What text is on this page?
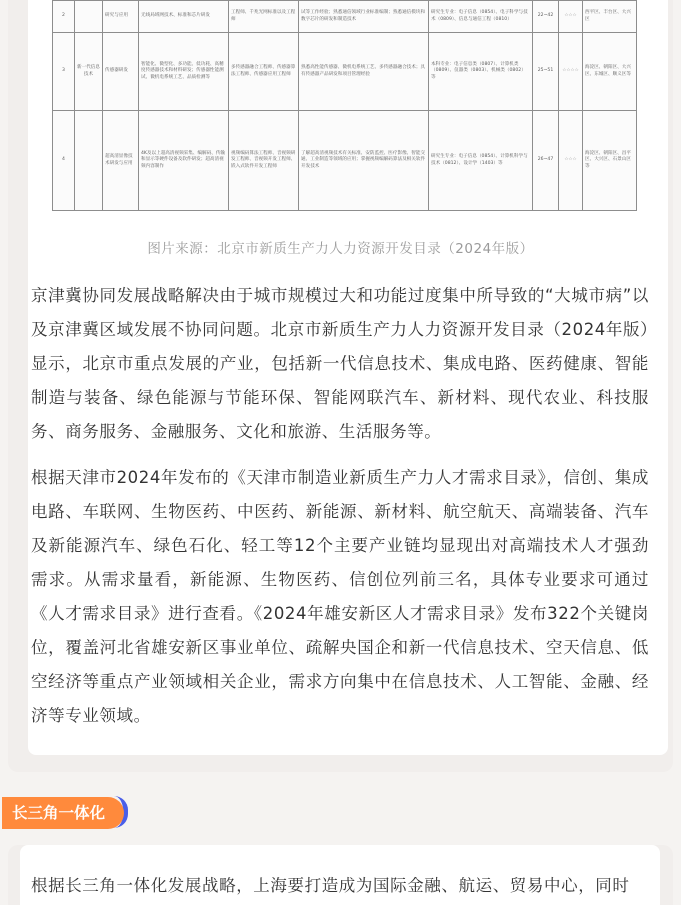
2		研究与应用	无线局域网技术、标准和芯片研发	工程师、千兆光网标准以及工程师	试等工作经验；熟悉通信领域行业标准编制；熟悉通信模块和数字芯片的研发和制造技术	研究生专业：电子信息（0854）、电子科学与技术（0809）、信息与通信工程（0810）	22~42	☆☆☆	西平区、丰台区、大兴区
3	新一代信息技术	传感器研发	智能化、微型化、多功能、低功耗、高精度传感器技术和材料研发；传感器性能测试、微机电系统工艺、品质检测等	多传感器融合工程师、传感器算法工程师、传感器应用工程师	熟悉高性能传感器、微机电系统工艺、多传感器融合技术；具有传感器产品研发和项目管理经验	本科专业：电子信息类（0807）、计算机类（0809）、仪器类（0803）、机械类（0802）等	25~51	☆☆☆☆	海淀区、朝阳区、大兴区、东城区、顺义区等
4		超高清显像技术研发与应用	4K及以上超高清视频采集、编解码、传输和显示等硬件设备及软件研发；超高清视频内容制作	视频编码算法工程师、音视频研发工程师、音视频开发工程师、嵌入式软件开发工程师	了解超高清视频技术有关标准、安防监控、医疗影像、智能交通、工业制造等领域的应用；掌握视频编解码算法及相关软件开发技术	研究生专业：电子信息（0854）、计算机科学与技术（0812）、设计学（1403）等	26~47	☆☆☆	海淀区、朝阳区、昌平区、大兴区、石景山区等
图片来源：北京市新质生产力人力资源开发目录（2024年版）

京津冀协同发展战略解决由于城市规模过大和功能过度集中所导致的“大城市病”以及京津冀区域发展不协同问题。北京市新质生产力人力资源开发目录（2024年版）显示，北京市重点发展的产业，包括新一代信息技术、集成电路、医药健康、智能制造与装备、绿色能源与节能环保、智能网联汽车、新材料、现代农业、科技服务、商务服务、金融服务、文化和旅游、生活服务等。

根据天津市2024年发布的《天津市制造业新质生产力人才需求目录》，信创、集成电路、车联网、生物医药、中医药、新能源、新材料、航空航天、高端装备、汽车及新能源汽车、绿色石化、轻工等12个主要产业链均显现出对高端技术人才强劲需求。从需求量看，新能源、生物医药、信创位列前三名，具体专业要求可通过《人才需求目录》进行查看。《2024年雄安新区人才需求目录》发布322个关键岗位，覆盖河北省雄安新区事业单位、疏解央国企和新一代信息技术、空天信息、低空经济等重点产业领域相关企业，需求方向集中在信息技术、人工智能、金融、经济等专业领域。

长三角一体化

根据长三角一体化发展战略，上海要打造成为国际金融、航运、贸易中心，同时
